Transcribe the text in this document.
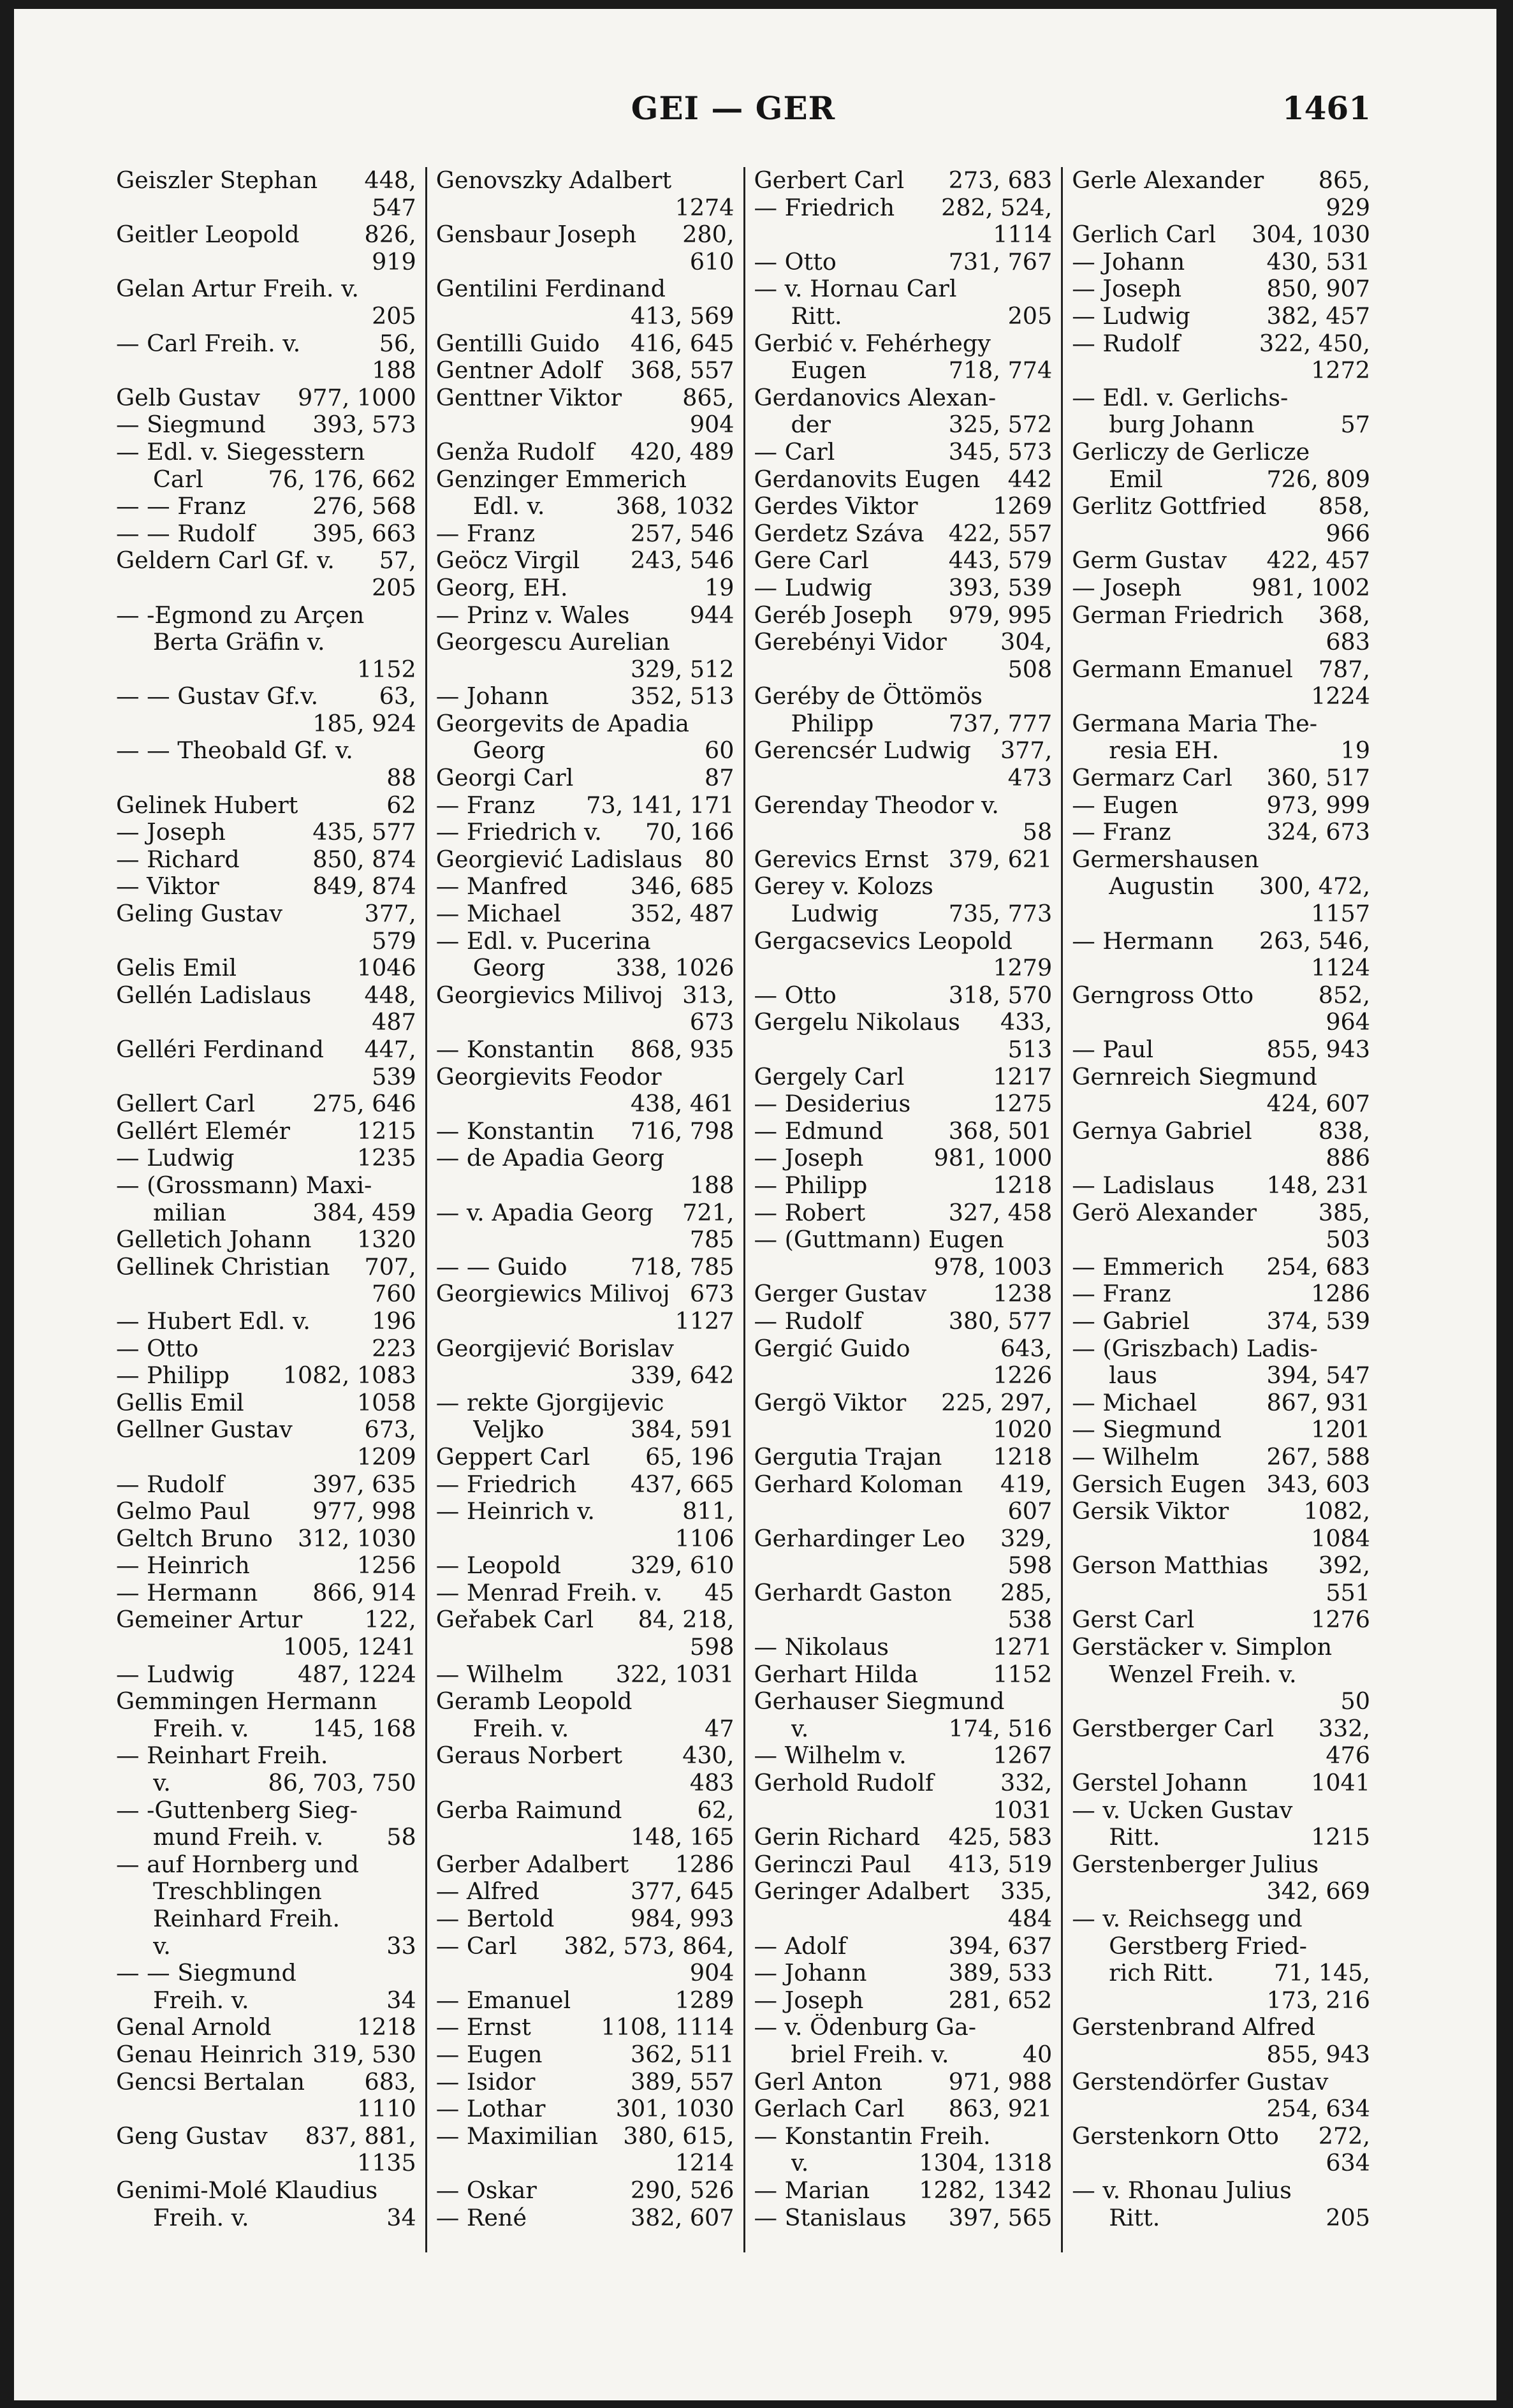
GEI — GER	1461
Geiszler Stephan	448,
547
Geitler Leopold	826,
919
Gelan Artur Freih. v.
205
— Carl Freih. v.	56,
188
Gelb Gustav	977, 1000
— Siegmund	393, 573
— Edl. v. Siegesstern
Carl	76, 176, 662
— — Franz	276, 568
— — Rudolf	395, 663
Geldern Carl Gf. v.	57,
205
— -Egmond zu Arçen
Berta Gräfin v.
1152
— — Gustav Gf.v.	63,
185, 924
— — Theobald Gf. v.
88
Gelinek Hubert	62
— Joseph	435, 577
— Richard	850, 874
— Viktor	849, 874
Geling Gustav	377,
579
Gelis Emil	1046
Gellén Ladislaus	448,
487
Gelléri Ferdinand	447,
539
Gellert Carl	275, 646
Gellért Elemér	1215
— Ludwig	1235
— (Grossmann) Maxi-
milian	384, 459
Gelletich Johann	1320
Gellinek Christian	707,
760
— Hubert Edl. v.	196
— Otto	223
— Philipp	1082, 1083
Gellis Emil	1058
Gellner Gustav	673,
1209
— Rudolf	397, 635
Gelmo Paul	977, 998
Geltch Bruno	312, 1030
— Heinrich	1256
— Hermann	866, 914
Gemeiner Artur	122,
1005, 1241
— Ludwig	487, 1224
Gemmingen Hermann
Freih. v.	145, 168
— Reinhart Freih.
v.	86, 703, 750
— -Guttenberg Sieg-
mund Freih. v.	58
— auf Hornberg und
Treschblingen
Reinhard Freih.
v.	33
— — Siegmund
Freih. v.	34
Genal Arnold	1218
Genau Heinrich 319, 530
Gencsi Bertalan	683,
1110
Geng Gustav	837, 881,
1135
Genimi-Molé Klaudius
Freih. v.	34
Genovszky Adalbert
1274
Gensbaur Joseph	280,
610
Gentilini Ferdinand
413, 569
Gentilli Guido	416, 645
Gentner Adolf	368, 557
Genttner Viktor	865,
904
Genža Rudolf	420, 489
Genzinger Emmerich
Edl. v.	368, 1032
— Franz	257, 546
Geöcz Virgil	243, 546
Georg, EH.	19
— Prinz v. Wales	944
Georgescu Aurelian
329, 512
— Johann	352, 513
Georgevits de Apadia
Georg	60
Georgi Carl	87
— Franz	73, 141, 171
— Friedrich v.	70, 166
Georgiević Ladislaus 80
— Manfred	346, 685
— Michael	352, 487
— Edl. v. Pucerina
Georg	338, 1026
Georgievics Milivoj 313,
673
— Konstantin	868, 935
Georgievits Feodor
438, 461
— Konstantin	716, 798
— de Apadia Georg
188
— v. Apadia Georg	721,
785
— — Guido	718, 785
Georgiewics Milivoj 673
1127
Georgijević Borislav
339, 642
— rekte Gjorgijevic
Veljko	384, 591
Geppert Carl	65, 196
— Friedrich	437, 665
— Heinrich v.	811,
1106
— Leopold	329, 610
— Menrad Freih. v.	45
Geřabek Carl	84, 218,
598
— Wilhelm	322, 1031
Geramb Leopold
Freih. v.	47
Geraus Norbert	430,
483
Gerba Raimund	62,
148, 165
Gerber Adalbert	1286
— Alfred	377, 645
— Bertold	984, 993
— Carl	382, 573, 864,
904
— Emanuel	1289
— Ernst	1108, 1114
— Eugen	362, 511
— Isidor	389, 557
— Lothar	301, 1030
— Maximilian	380, 615,
1214
— Oskar	290, 526
— René	382, 607
Gerbert Carl	273, 683
— Friedrich	282, 524,
1114
— Otto	731, 767
— v. Hornau Carl
Ritt.	205
Gerbić v. Fehérhegy
Eugen	718, 774
Gerdanovics Alexan-
der	325, 572
— Carl	345, 573
Gerdanovits Eugen	442
Gerdes Viktor	1269
Gerdetz Száva	422, 557
Gere Carl	443, 579
— Ludwig	393, 539
Geréb Joseph	979, 995
Gerebényi Vidor	304,
508
Geréby de Öttömös
Philipp	737, 777
Gerencsér Ludwig	377,
473
Gerenday Theodor v.
58
Gerevics Ernst 379, 621
Gerey v. Kolozs
Ludwig	735, 773
Gergacsevics Leopold
1279
— Otto	318, 570
Gergelu Nikolaus	433,
513
Gergely Carl	1217
— Desiderius	1275
— Edmund	368, 501
— Joseph	981, 1000
— Philipp	1218
— Robert	327, 458
— (Guttmann) Eugen
978, 1003
Gerger Gustav	1238
— Rudolf	380, 577
Gergić Guido	643,
1226
Gergö Viktor	225, 297,
1020
Gergutia Trajan	1218
Gerhard Koloman	419,
607
Gerhardinger Leo	329,
598
Gerhardt Gaston	285,
538
— Nikolaus	1271
Gerhart Hilda	1152
Gerhauser Siegmund
v.	174, 516
— Wilhelm v.	1267
Gerhold Rudolf	332,
1031
Gerin Richard	425, 583
Gerinczi Paul	413, 519
Geringer Adalbert	335,
484
— Adolf	394, 637
— Johann	389, 533
— Joseph	281, 652
— v. Ödenburg Ga-
briel Freih. v.	40
Gerl Anton	971, 988
Gerlach Carl	863, 921
— Konstantin Freih.
v.	1304, 1318
— Marian	1282, 1342
— Stanislaus	397, 565
Gerle Alexander	865,
929
Gerlich Carl	304, 1030
— Johann	430, 531
— Joseph	850, 907
— Ludwig	382, 457
— Rudolf	322, 450,
1272
— Edl. v. Gerlichs-
burg Johann	57
Gerliczy de Gerlicze
Emil	726, 809
Gerlitz Gottfried	858,
966
Germ Gustav	422, 457
— Joseph	981, 1002
German Friedrich	368,
683
Germann Emanuel	787,
1224
Germana Maria The-
resia EH.	19
Germarz Carl	360, 517
— Eugen	973, 999
— Franz	324, 673
Germershausen
Augustin	300, 472,
1157
— Hermann	263, 546,
1124
Gerngross Otto	852,
964
— Paul	855, 943
Gernreich Siegmund
424, 607
Gernya Gabriel	838,
886
— Ladislaus	148, 231
Gerö Alexander	385,
503
— Emmerich	254, 683
— Franz	1286
— Gabriel	374, 539
— (Griszbach) Ladis-
laus	394, 547
— Michael	867, 931
— Siegmund	1201
— Wilhelm	267, 588
Gersich Eugen 343, 603
Gersik Viktor	1082,
1084
Gerson Matthias	392,
551
Gerst Carl	1276
Gerstäcker v. Simplon
Wenzel Freih. v.
50
Gerstberger Carl	332,
476
Gerstel Johann	1041
— v. Ucken Gustav
Ritt.	1215
Gerstenberger Julius
342, 669
— v. Reichsegg und
Gerstberg Fried-
rich Ritt.	71, 145,
173, 216
Gerstenbrand Alfred
855, 943
Gerstendörfer Gustav
254, 634
Gerstenkorn Otto	272,
634
— v. Rhonau Julius
Ritt.	205
